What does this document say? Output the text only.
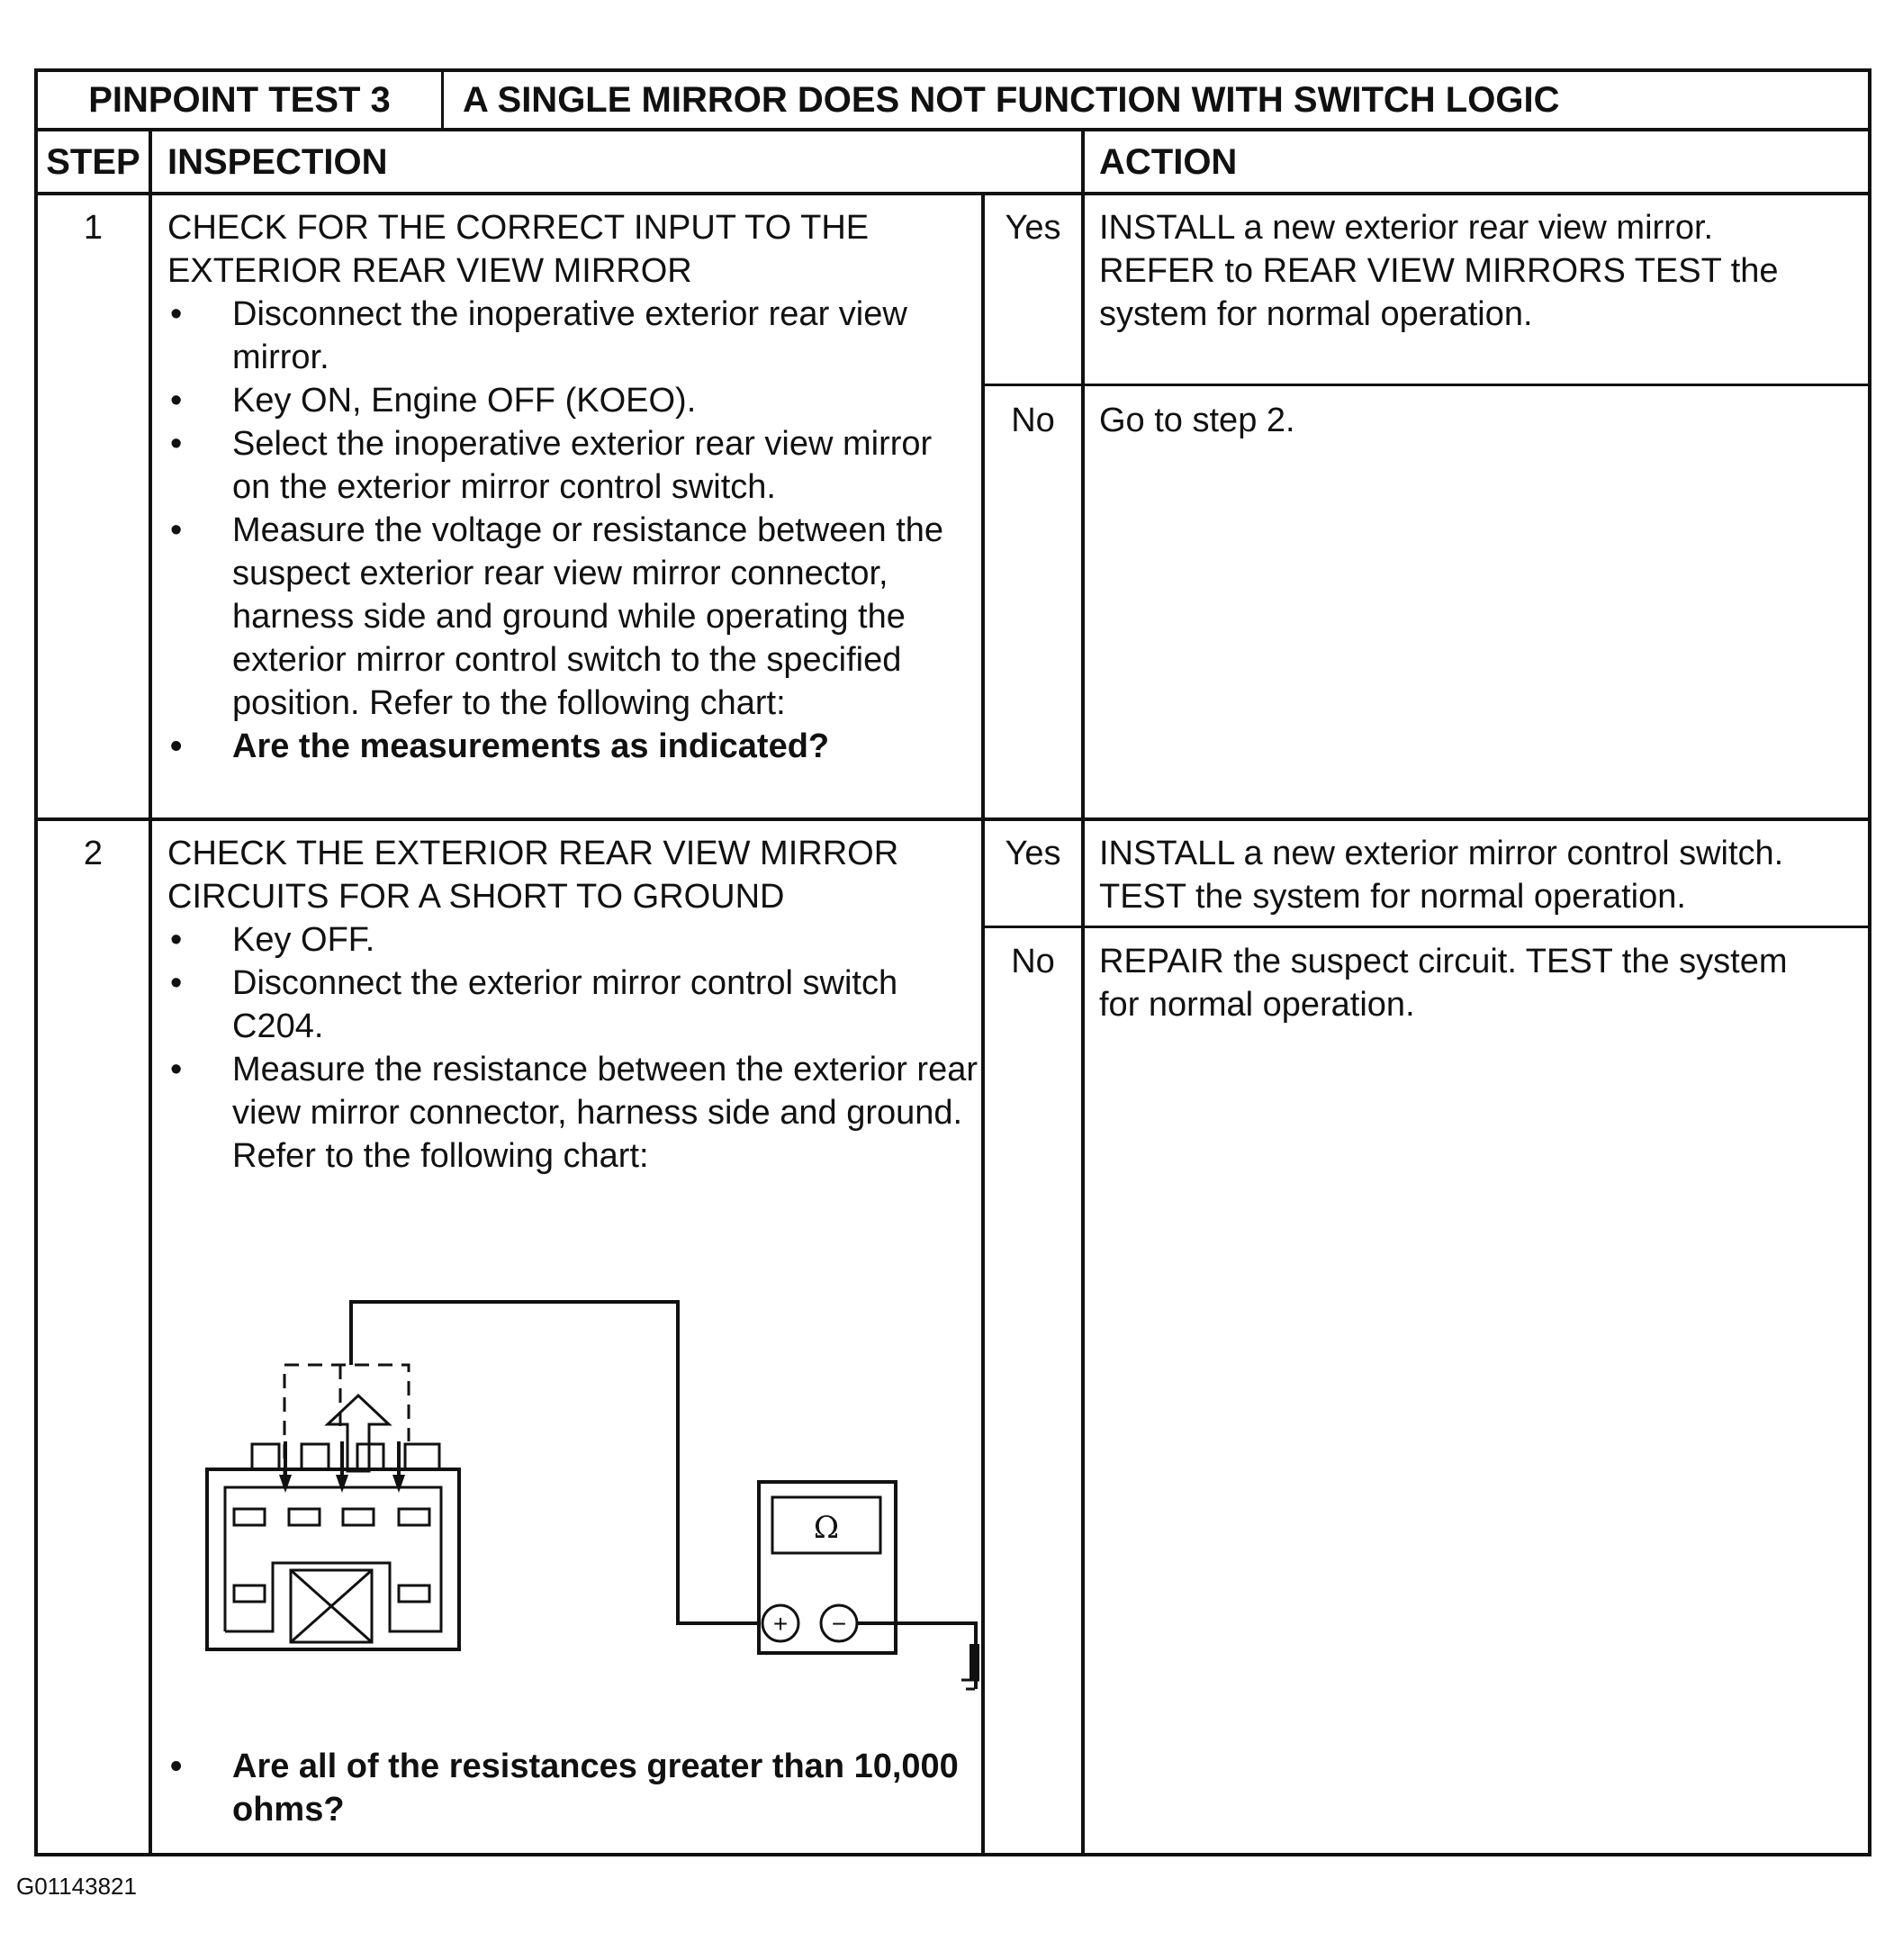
PINPOINT TEST 3	A SINGLE MIRROR DOES NOT FUNCTION WITH SWITCH LOGIC
STEP INSPECTION	ACTION
1	CHECK FOR THE CORRECT INPUT TO THE EXTERIOR REAR VIEW MIRROR
• Disconnect the inoperative exterior rear view mirror.
• Key ON, Engine OFF (KOEO).
• Select the inoperative exterior rear view mirror on the exterior mirror control switch.
• Measure the voltage or resistance between the suspect exterior rear view mirror connector, harness side and ground while operating the exterior mirror control switch to the specified position. Refer to the following chart:
• Are the measurements as indicated?
Yes	INSTALL a new exterior rear view mirror. REFER to REAR VIEW MIRRORS TEST the system for normal operation.
No	Go to step 2.
2	CHECK THE EXTERIOR REAR VIEW MIRROR CIRCUITS FOR A SHORT TO GROUND
• Key OFF.
• Disconnect the exterior mirror control switch C204.
• Measure the resistance between the exterior rear view mirror connector, harness side and ground. Refer to the following chart:
• Are all of the resistances greater than 10,000 ohms?
Yes	INSTALL a new exterior mirror control switch. TEST the system for normal operation.
No	REPAIR the suspect circuit. TEST the system for normal operation.
Ω
+ −
G01143821
